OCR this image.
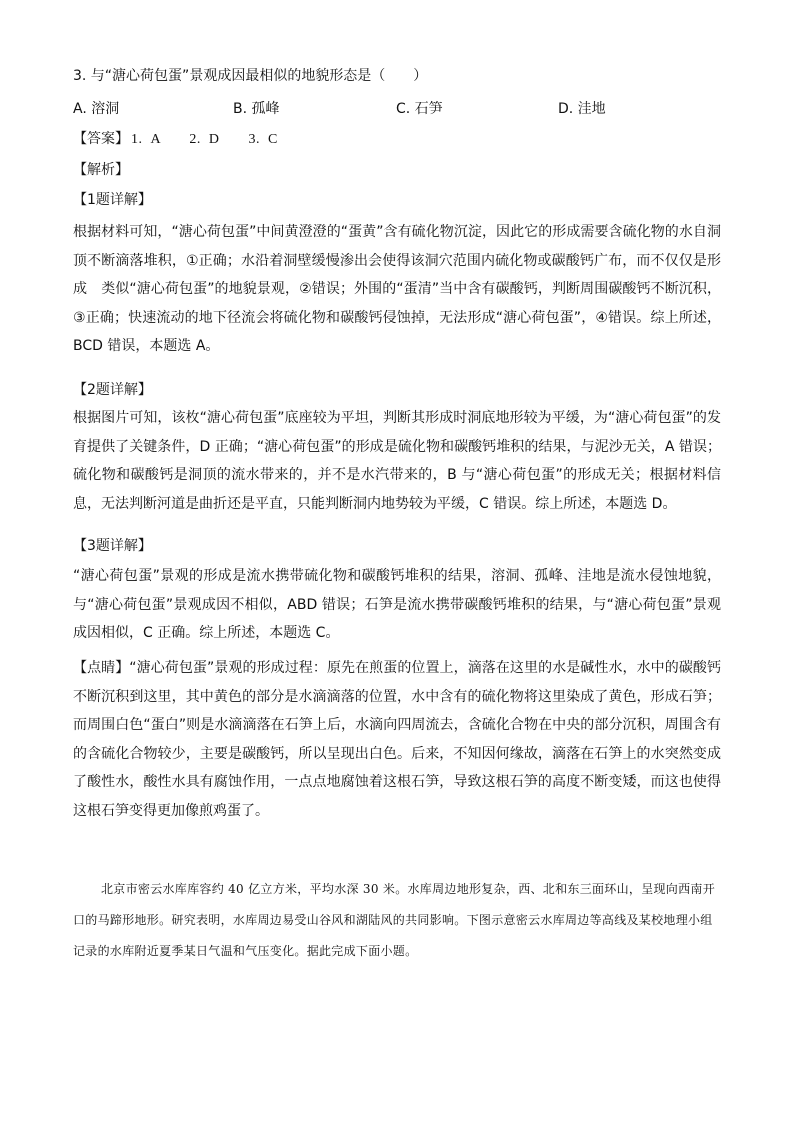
3. 与“溏心荷包蛋”景观成因最相似的地貌形态是（　　）
A. 溶洞	B. 孤峰	C. 石笋	D. 洼地
【答案】 1. A　　2. D　　3. C
【解析】
【1题详解】
根据材料可知，“溏心荷包蛋”中间黄澄澄的“蛋黄”含有硫化物沉淀，因此它的形成需要含硫化物的水自洞顶不断滴落堆积，①正确；水沿着洞壁缓慢渗出会使得该洞穴范围内硫化物或碳酸钙广布，而不仅仅是形成　类似“溏心荷包蛋”的地貌景观，②错误；外围的“蛋清”当中含有碳酸钙，判断周围碳酸钙不断沉积，③正确；快速流动的地下径流会将硫化物和碳酸钙侵蚀掉，无法形成“溏心荷包蛋”，④错误。综上所述，BCD 错误，本题选 A。
【2题详解】
根据图片可知，该枚“溏心荷包蛋”底座较为平坦，判断其形成时洞底地形较为平缓，为“溏心荷包蛋”的发育提供了关键条件，D 正确；“溏心荷包蛋”的形成是硫化物和碳酸钙堆积的结果，与泥沙无关，A 错误；硫化物和碳酸钙是洞顶的流水带来的，并不是水汽带来的，B 与“溏心荷包蛋”的形成无关；根据材料信息，无法判断河道是曲折还是平直，只能判断洞内地势较为平缓，C 错误。综上所述，本题选 D。
【3题详解】
“溏心荷包蛋”景观的形成是流水携带硫化物和碳酸钙堆积的结果，溶洞、孤峰、洼地是流水侵蚀地貌，与“溏心荷包蛋”景观成因不相似，ABD 错误；石笋是流水携带碳酸钙堆积的结果，与“溏心荷包蛋”景观成因相似，C 正确。综上所述，本题选 C。
【点睛】“溏心荷包蛋”景观的形成过程：原先在煎蛋的位置上，滴落在这里的水是碱性水，水中的碳酸钙不断沉积到这里，其中黄色的部分是水滴滴落的位置，水中含有的硫化物将这里染成了黄色，形成石笋；而周围白色“蛋白”则是水滴滴落在石笋上后，水滴向四周流去，含硫化合物在中央的部分沉积，周围含有的含硫化合物较少，主要是碳酸钙，所以呈现出白色。后来，不知因何缘故，滴落在石笋上的水突然变成了酸性水，酸性水具有腐蚀作用，一点点地腐蚀着这根石笋，导致这根石笋的高度不断变矮，而这也使得这根石笋变得更加像煎鸡蛋了。
北京市密云水库库容约 40 亿立方米，平均水深 30 米。水库周边地形复杂，西、北和东三面环山，呈现向西南开口的马蹄形地形。研究表明，水库周边易受山谷风和湖陆风的共同影响。下图示意密云水库周边等高线及某校地理小组记录的水库附近夏季某日气温和气压变化。据此完成下面小题。
